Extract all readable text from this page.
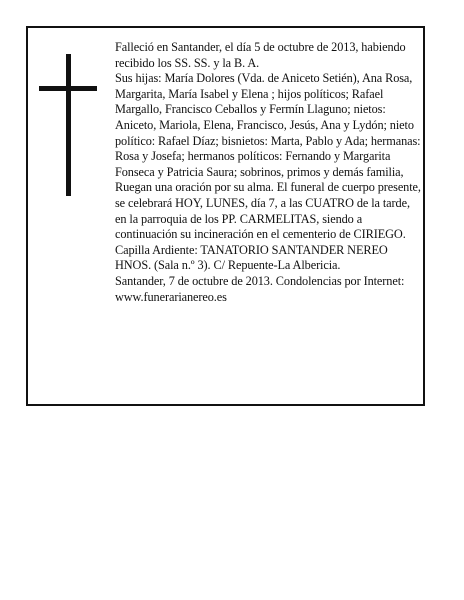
Falleció en Santander, el día 5 de octubre de 2013, habiendo recibido los SS. SS. y la B. A.

Sus hijas: María Dolores (Vda. de Aniceto Setién), Ana Rosa, Margarita, María Isabel y Elena ; hijos políticos; Rafael Margallo, Francisco Ceballos y Fermín Llaguno; nietos: Aniceto, Mariola, Elena, Francisco, Jesús, Ana y Lydón; nieto político: Rafael Díaz; bisnietos: Marta, Pablo y Ada; hermanas: Rosa y Josefa; hermanos políticos: Fernando y Margarita Fonseca y Patricia Saura; sobrinos, primos y demás familia,

Ruegan una oración por su alma. El funeral de cuerpo presente, se celebrará HOY, LUNES, día 7, a las CUATRO de la tarde, en la parroquia de los PP. CARMELITAS, siendo a continuación su incineración en el cementerio de CIRIEGO. Capilla Ardiente: TANATORIO SANTANDER NEREO HNOS. (Sala n.º 3). C/ Repuente-La Albericia.

Santander, 7 de octubre de 2013. Condolencias por Internet: www.funerarianereo.es
